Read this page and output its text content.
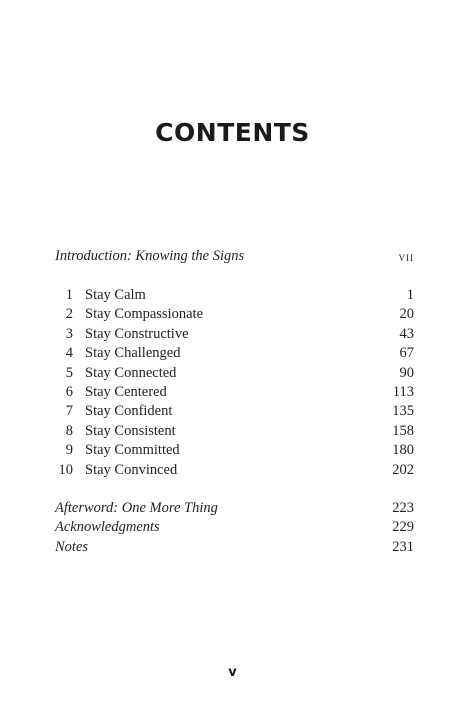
CONTENTS
Introduction: Knowing the Signs	vii
1 Stay Calm	1
2 Stay Compassionate	20
3 Stay Constructive	43
4 Stay Challenged	67
5 Stay Connected	90
6 Stay Centered	113
7 Stay Confident	135
8 Stay Consistent	158
9 Stay Committed	180
10 Stay Convinced	202
Afterword: One More Thing	223
Acknowledgments	229
Notes	231
v
